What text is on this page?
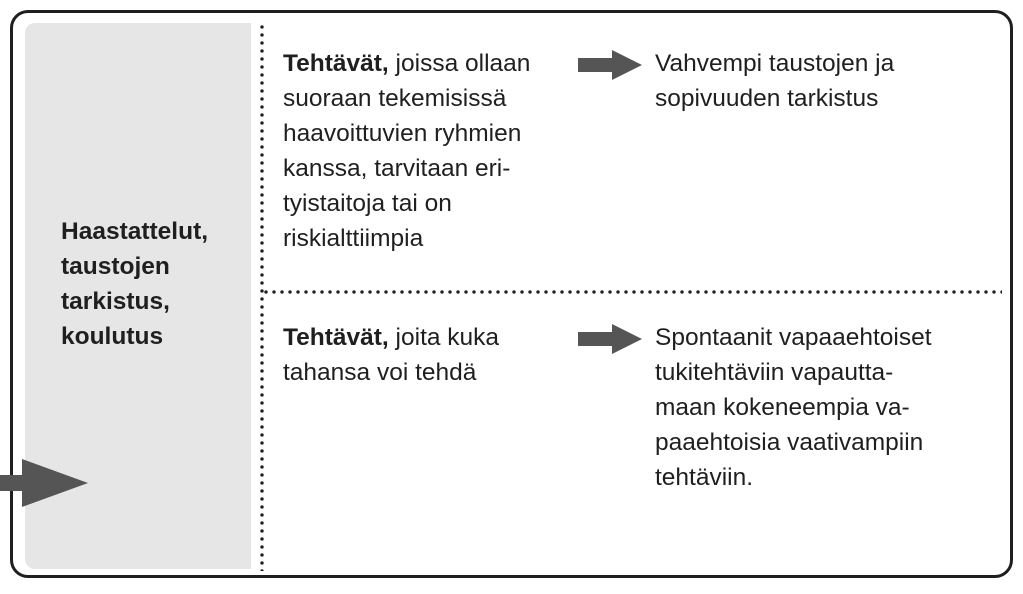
Haastattelut,
taustojen
tarkistus,
koulutus
Tehtävät, joissa ollaan
suoraan tekemisissä
haavoittuvien ryhmien
kanssa, tarvitaan eri-
tyistaitoja tai on
riskialttiimpia
Vahvempi taustojen ja
sopivuuden tarkistus
Tehtävät, joita kuka
tahansa voi tehdä
Spontaanit vapaaehtoiset
tukitehtäviin vapautta-
maan kokeneempia va-
paaehtoisia vaativampiin
tehtäviin.
